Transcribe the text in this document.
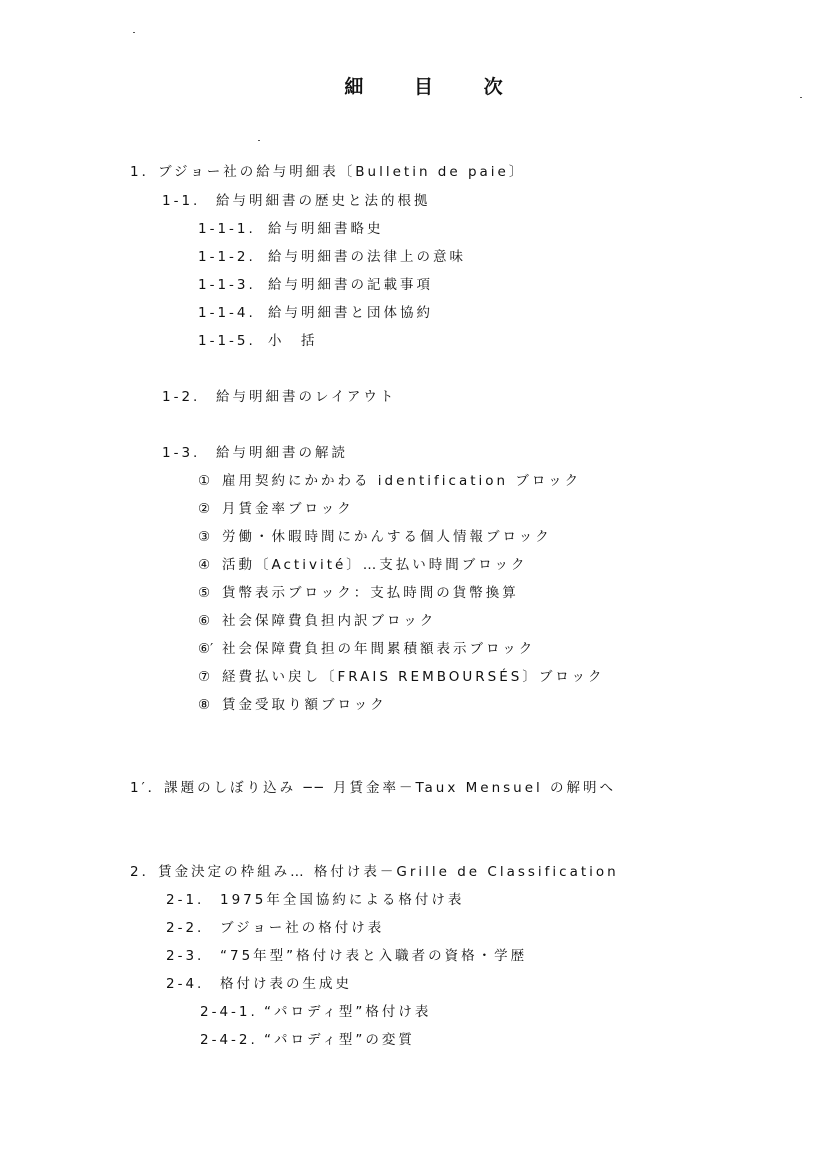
細 目 次
1．ブジョー社の給与明細表〔Bulletin de paie〕
1-1. 給与明細書の歴史と法的根拠
1-1-1. 給与明細書略史
1-1-2. 給与明細書の法律上の意味
1-1-3. 給与明細書の記載事項
1-1-4. 給与明細書と団体協約
1-1-5. 小　括
1-2. 給与明細書のレイアウト
1-3. 給与明細書の解読
① 雇用契約にかかわる identification ブロック
② 月賃金率ブロック
③ 労働・休暇時間にかんする個人情報ブロック
④ 活動〔Activité〕…支払い時間ブロック
⑤ 貨幣表示ブロック：支払時間の貨幣換算
⑥ 社会保障費負担内訳ブロック
⑥′ 社会保障費負担の年間累積額表示ブロック
⑦ 経費払い戻し〔FRAIS REMBOURSÉS〕ブロック
⑧ 賃金受取り額ブロック
1′．課題のしぼり込み ── 月賃金率－Taux Mensuel の解明へ
2．賃金決定の枠組み… 格付け表－Grille de Classification
2-1. 1975年全国協約による格付け表
2-2. ブジョー社の格付け表
2-3. “75年型”格付け表と入職者の資格・学歴
2-4. 格付け表の生成史
2-4-1. “パロディ型”格付け表
2-4-2. “パロディ型”の変質
